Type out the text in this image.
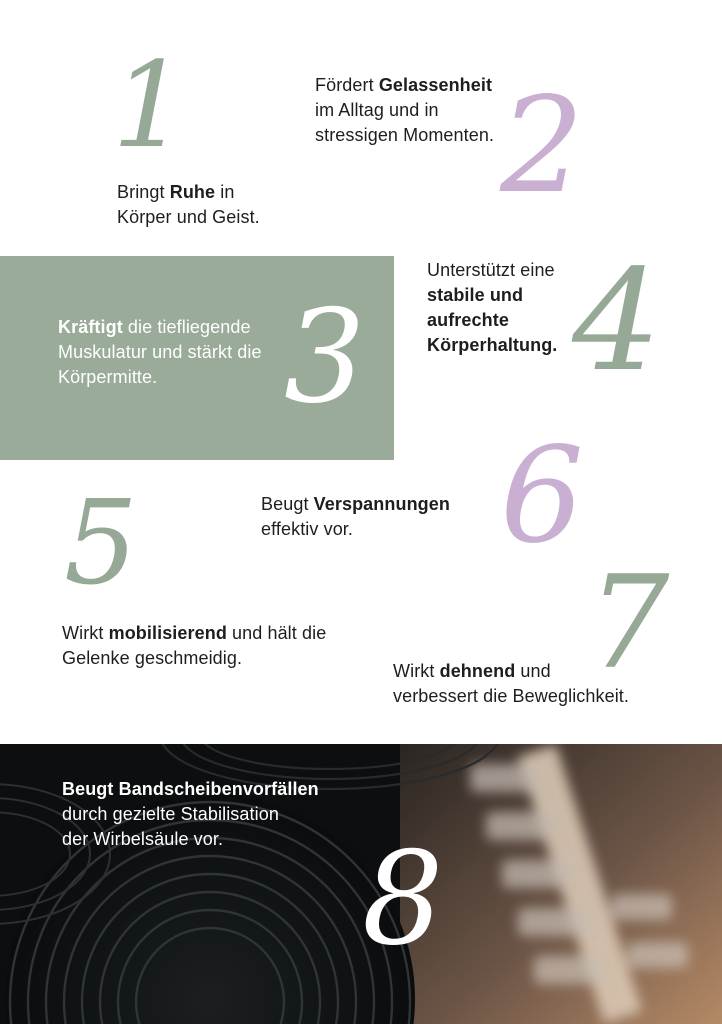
1
Bringt Ruhe in
Körper und Geist.
Fördert Gelassenheit
im Alltag und in
stressigen Momenten. 2
Kräftigt die tiefliegende
Muskulatur und stärkt die
Körpermitte. 3
Unterstützt eine
stabile und
aufrechte
Körperhaltung. 4
Beugt Verspannungen
effektiv vor.	6
5
Wirkt mobilisierend und hält die
Gelenke geschmeidig.	7
Wirkt dehnend und
verbessert die Beweglichkeit.
Beugt Bandscheibenvorfällen
durch gezielte Stabilisation
der Wirbelsäule vor.	8
